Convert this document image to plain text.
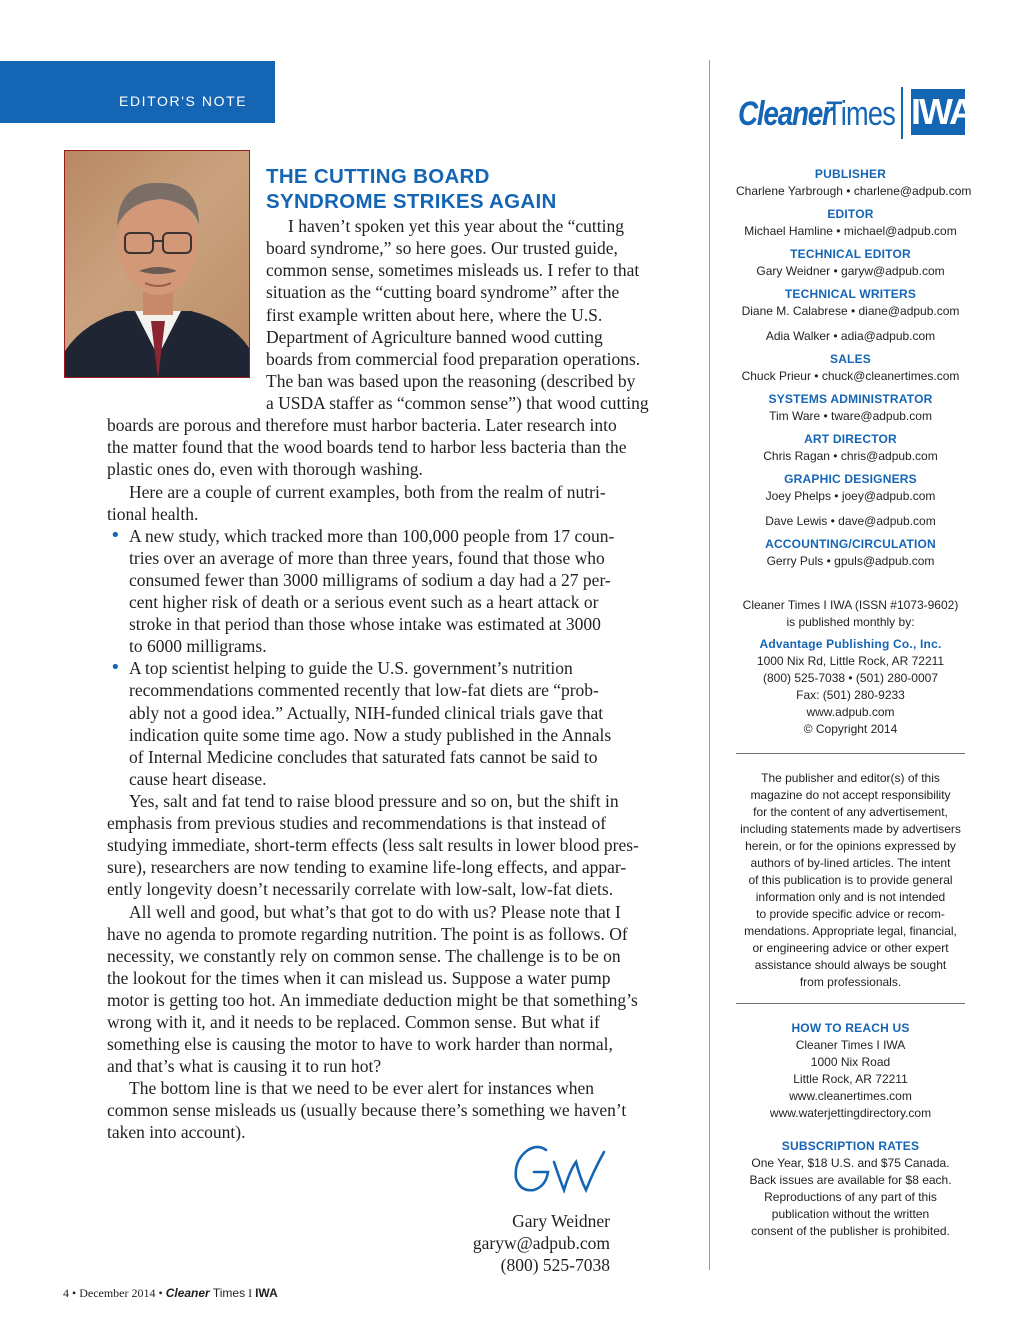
EDITOR'S NOTE
THE CUTTING BOARD
SYNDROME STRIKES AGAIN

I haven’t spoken yet this year about the “cutting

board syndrome,” so here goes. Our trusted guide,

common sense, sometimes misleads us. I refer to that

situation as the “cutting board syndrome” after the

first example written about here, where the U.S.

Department of Agriculture banned wood cutting

boards from commercial food preparation operations.

The ban was based upon the reasoning (described by

a USDA staffer as “common sense”) that wood cutting

boards are porous and therefore must harbor bacteria. Later research into

the matter found that the wood boards tend to harbor less bacteria than the

plastic ones do, even with thorough washing.

Here are a couple of current examples, both from the realm of nutri-

tional health.

• A new study, which tracked more than 100,000 people from 17 coun-

tries over an average of more than three years, found that those who

consumed fewer than 3000 milligrams of sodium a day had a 27 per-

cent higher risk of death or a serious event such as a heart attack or

stroke in that period than those whose intake was estimated at 3000

to 6000 milligrams.

• A top scientist helping to guide the U.S. government’s nutrition

recommendations commented recently that low-fat diets are “prob-

ably not a good idea.” Actually, NIH-funded clinical trials gave that

indication quite some time ago. Now a study published in the Annals

of Internal Medicine concludes that saturated fats cannot be said to

cause heart disease.

Yes, salt and fat tend to raise blood pressure and so on, but the shift in

emphasis from previous studies and recommendations is that instead of

studying immediate, short-term effects (less salt results in lower blood pres-

sure), researchers are now tending to examine life-long effects, and appar-

ently longevity doesn’t necessarily correlate with low-salt, low-fat diets.

All well and good, but what’s that got to do with us? Please note that I

have no agenda to promote regarding nutrition. The point is as follows. Of

necessity, we constantly rely on common sense. The challenge is to be on

the lookout for the times when it can mislead us. Suppose a water pump

motor is getting too hot. An immediate deduction might be that something’s

wrong with it, and it needs to be replaced. Common sense. But what if

something else is causing the motor to have to work harder than normal,

and that’s what is causing it to run hot?

The bottom line is that we need to be ever alert for instances when

common sense misleads us (usually because there’s something we haven’t

taken into account).

Gary Weidner
garyw@adpub.com
(800) 525-7038
4 • December 2014 • Cleaner Times I IWA
Cleaner
Times IWA
PUBLISHER
Charlene Yarbrough • charlene@adpub.com
EDITOR
Michael Hamline • michael@adpub.com
TECHNICAL EDITOR
Gary Weidner • garyw@adpub.com
TECHNICAL WRITERS
Diane M. Calabrese • diane@adpub.com
Adia Walker • adia@adpub.com
SALES
Chuck Prieur • chuck@cleanertimes.com
SYSTEMS ADMINISTRATOR
Tim Ware • tware@adpub.com
ART DIRECTOR
Chris Ragan • chris@adpub.com
GRAPHIC DESIGNERS
Joey Phelps • joey@adpub.com
Dave Lewis • dave@adpub.com
ACCOUNTING/CIRCULATION
Gerry Puls • gpuls@adpub.com
Cleaner Times I IWA (ISSN #1073-9602)
is published monthly by:
Advantage Publishing Co., Inc.
1000 Nix Rd, Little Rock, AR 72211
(800) 525-7038 • (501) 280-0007
Fax: (501) 280-9233
www.adpub.com
© Copyright 2014
The publisher and editor(s) of this
magazine do not accept responsibility
for the content of any advertisement,
including statements made by advertisers
herein, or for the opinions expressed by
authors of by-lined articles. The intent
of this publication is to provide general
information only and is not intended
to provide specific advice or recom-
mendations. Appropriate legal, financial,
or engineering advice or other expert
assistance should always be sought
from professionals.
HOW TO REACH US
Cleaner Times I IWA
1000 Nix Road
Little Rock, AR 72211
www.cleanertimes.com
www.waterjettingdirectory.com
SUBSCRIPTION RATES
One Year, $18 U.S. and $75 Canada.
Back issues are available for $8 each.
Reproductions of any part of this
publication without the written
consent of the publisher is prohibited.
